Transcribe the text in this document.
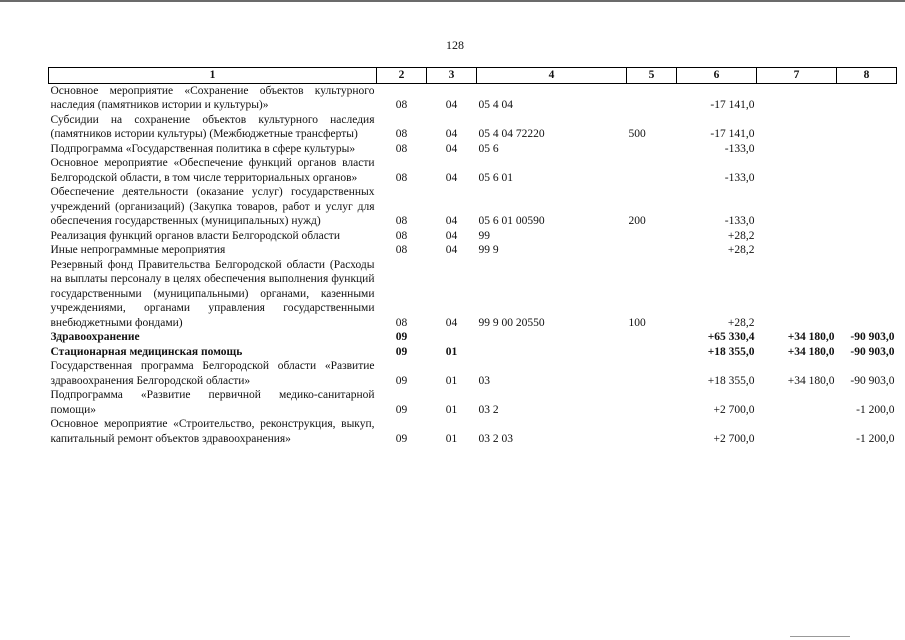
128
1	2	3	4	5	6	7	8
Основное мероприятие «Сохранение объектов культурного наследия (памятников истории и культуры)»	08	04	05 4 04		-17 141,0		
Субсидии на сохранение объектов культурного наследия (памятников истории культуры) (Межбюджетные трансферты)	08	04	05 4 04 72220	500	-17 141,0		
Подпрограмма «Государственная политика в сфере культуры»	08	04	05 6		-133,0		
Основное мероприятие «Обеспечение функций органов власти Белгородской области, в том числе территориальных органов»	08	04	05 6 01		-133,0		
Обеспечение деятельности (оказание услуг) государственных учреждений (организаций) (Закупка товаров, работ и услуг для обеспечения государственных (муниципальных) нужд)	08	04	05 6 01 00590	200	-133,0		
Реализация функций органов власти Белгородской области	08	04	99		+28,2		
Иные непрограммные мероприятия	08	04	99 9		+28,2		
Резервный фонд Правительства Белгородской области (Расходы на выплаты персоналу в целях обеспечения выполнения функций государственными (муниципальными) органами, казенными учреждениями, органами управления государственными внебюджетными фондами)	08	04	99 9 00 20550	100	+28,2		
Здравоохранение	09				+65 330,4	+34 180,0	-90 903,0
Стационарная медицинская помощь	09	01			+18 355,0	+34 180,0	-90 903,0
Государственная программа Белгородской области «Развитие здравоохранения Белгородской области»	09	01	03		+18 355,0	+34 180,0	-90 903,0
Подпрограмма «Развитие первичной медико-санитарной помощи»	09	01	03 2		+2 700,0		-1 200,0
Основное мероприятие «Строительство, реконструкция, выкуп, капитальный ремонт объектов здравоохранения»	09	01	03 2 03		+2 700,0		-1 200,0
